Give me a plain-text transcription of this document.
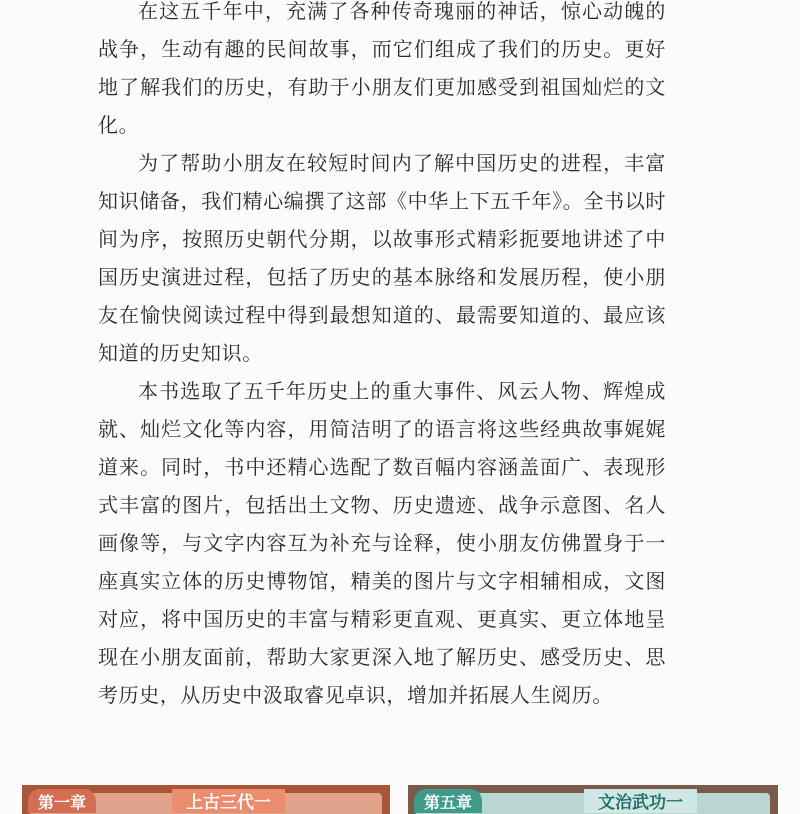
在这五千年中，充满了各种传奇瑰丽的神话，惊心动魄的战争，生动有趣的民间故事，而它们组成了我们的历史。更好地了解我们的历史，有助于小朋友们更加感受到祖国灿烂的文化。

为了帮助小朋友在较短时间内了解中国历史的进程，丰富知识储备，我们精心编撰了这部《中华上下五千年》。全书以时间为序，按照历史朝代分期，以故事形式精彩扼要地讲述了中国历史演进过程，包括了历史的基本脉络和发展历程，使小朋友在愉快阅读过程中得到最想知道的、最需要知道的、最应该知道的历史知识。

本书选取了五千年历史上的重大事件、风云人物、辉煌成就、灿烂文化等内容，用简洁明了的语言将这些经典故事娓娓道来。同时，书中还精心选配了数百幅内容涵盖面广、表现形式丰富的图片，包括出土文物、历史遗迹、战争示意图、名人画像等，与文字内容互为补充与诠释，使小朋友仿佛置身于一座真实立体的历史博物馆，精美的图片与文字相辅相成，文图对应，将中国历史的丰富与精彩更直观、更真实、更立体地呈现在小朋友面前，帮助大家更深入地了解历史、感受历史、思考历史，从历史中汲取睿见卓识，增加并拓展人生阅历。

第一章	上古三代一	第五章	文治武功一
